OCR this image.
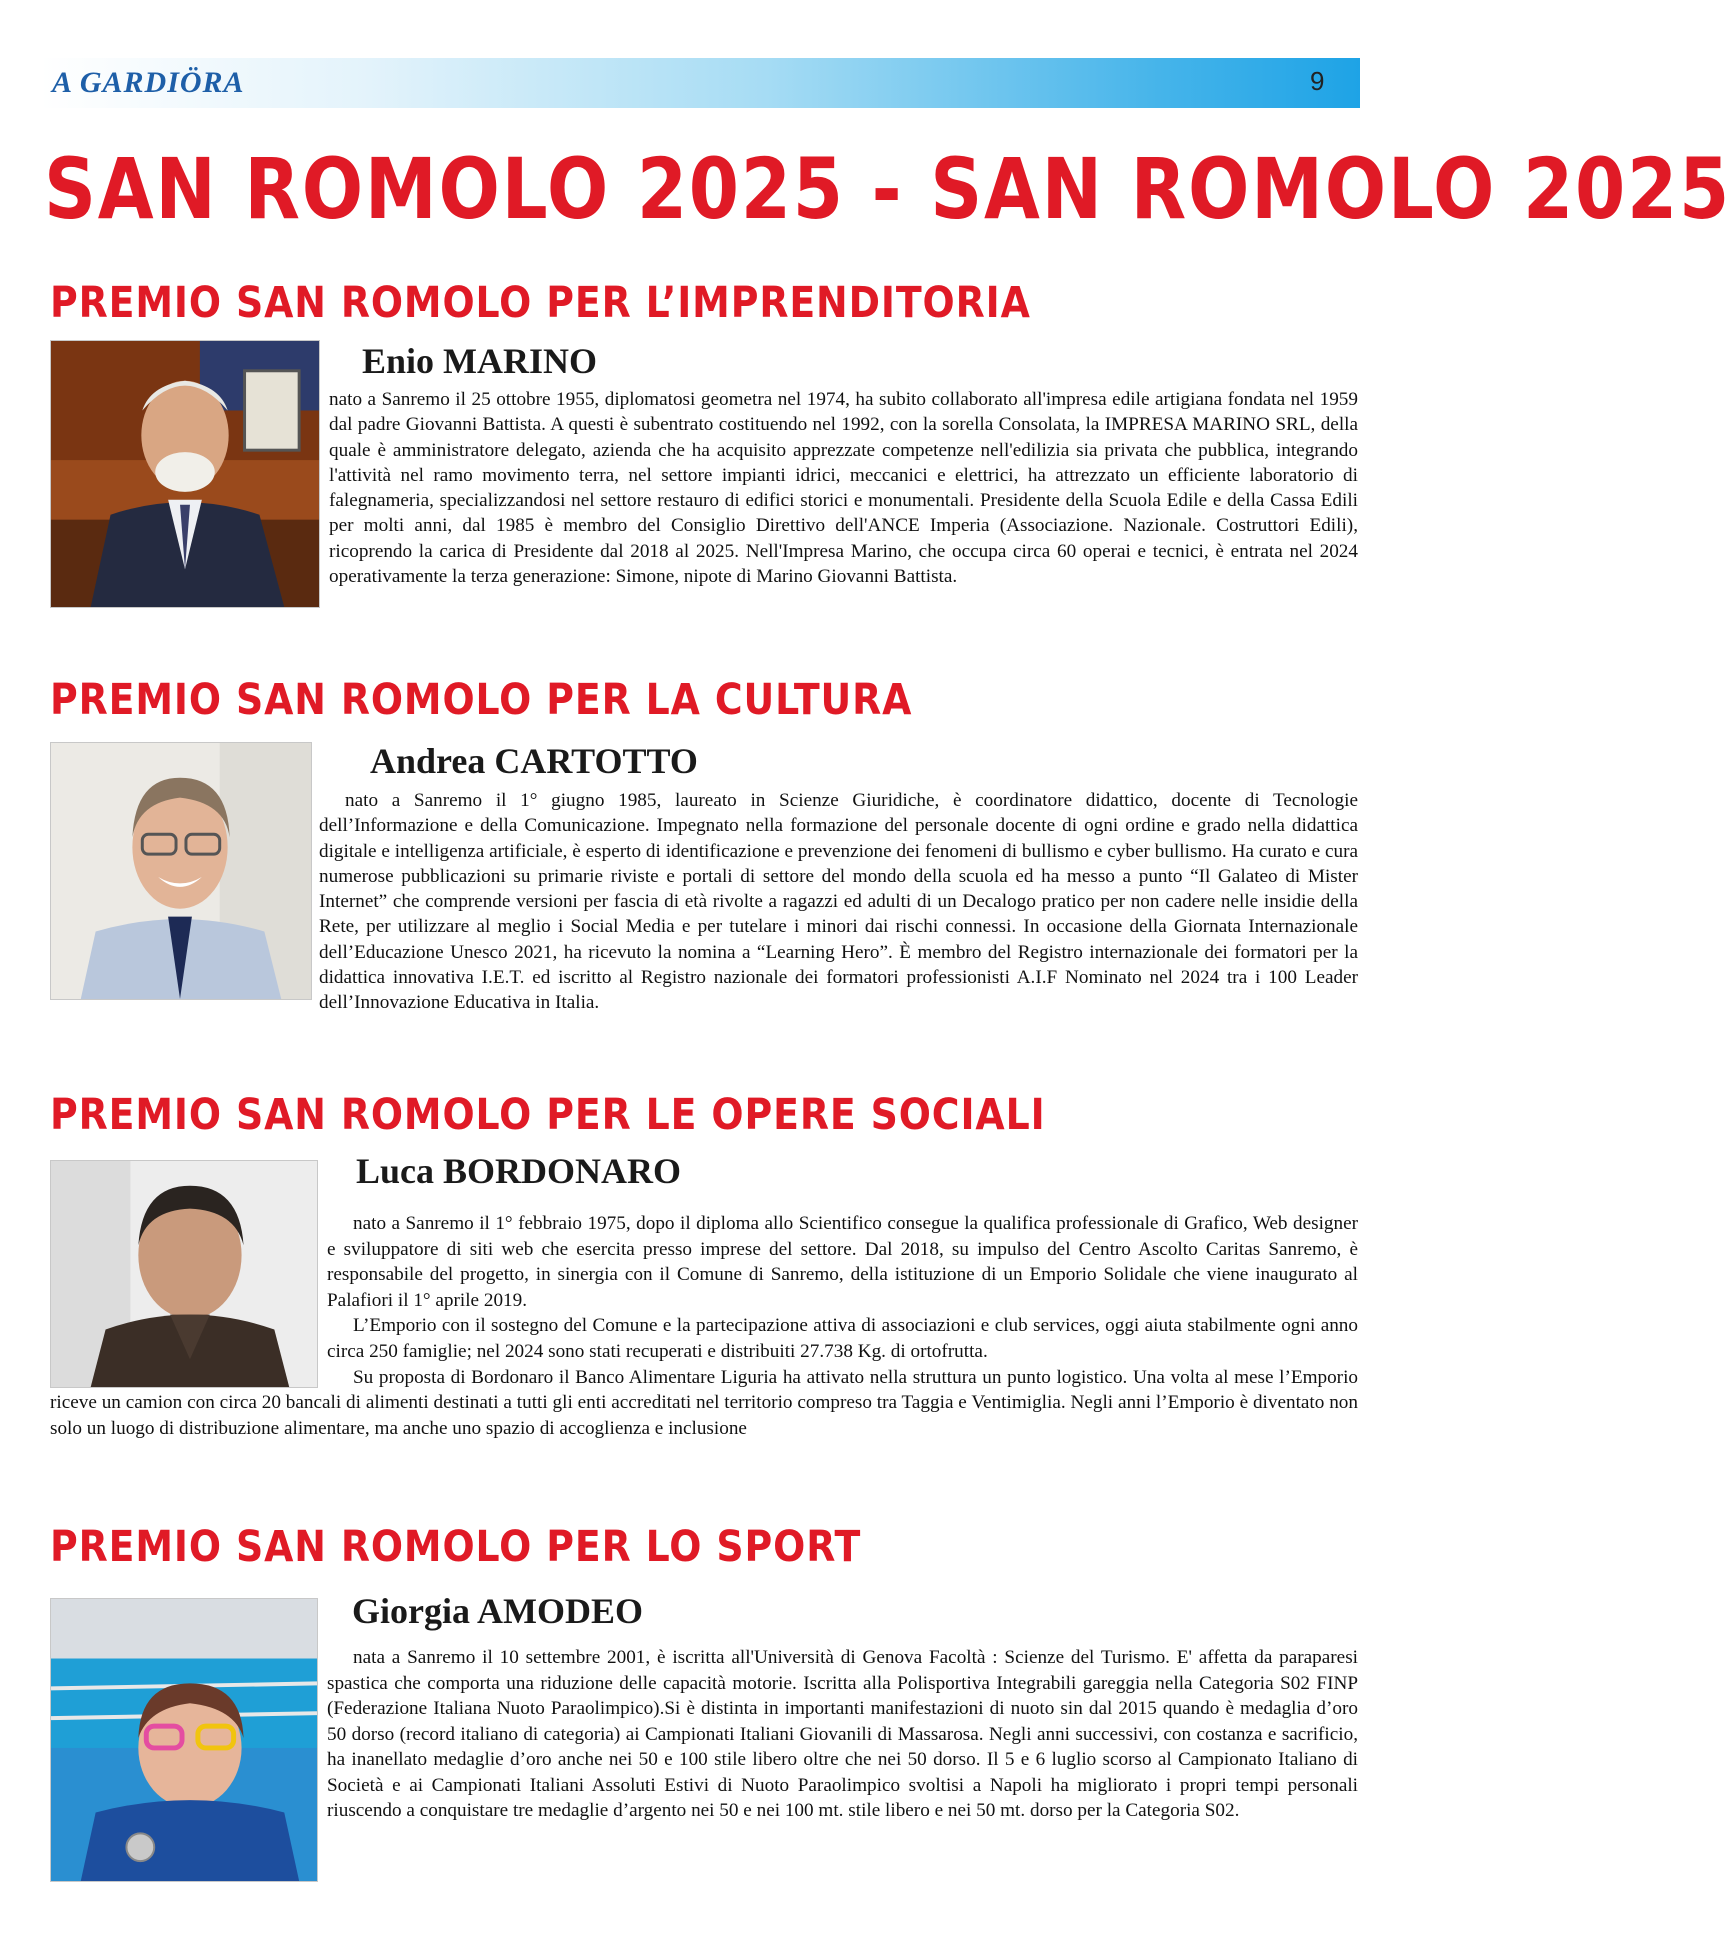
A GARDIÖRA	9
SAN ROMOLO 2025 - SAN ROMOLO 2025
PREMIO SAN ROMOLO PER L’IMPRENDITORIA
Enio MARINO

nato a Sanremo il 25 ottobre 1955, diplomatosi geometra nel 1974, ha subito collaborato all'impresa edile artigiana fondata nel 1959 dal padre Giovanni Battista. A questi è subentrato costituendo nel 1992, con la sorella Consolata, la IMPRESA MARINO SRL, della quale è amministratore delegato, azienda che ha acquisito apprezzate competenze nell'edilizia sia privata che pubblica, integrando l'attività nel ramo movimento terra, nel settore impianti idrici, meccanici e elettrici, ha attrezzato un efficiente laboratorio di falegnameria, specializzandosi nel settore restauro di edifici storici e monumentali. Presidente della Scuola Edile e della Cassa Edili per molti anni, dal 1985 è membro del Consiglio Direttivo dell'ANCE Imperia (Associazione. Nazionale. Costruttori Edili), ricoprendo la carica di Presidente dal 2018 al 2025. Nell'Impresa Marino, che occupa circa 60 operai e tecnici, è entrata nel 2024 operativamente la terza generazione: Simone, nipote di Marino Giovanni Battista.

PREMIO SAN ROMOLO PER LA CULTURA
Andrea CARTOTTO

nato a Sanremo il 1° giugno 1985, laureato in Scienze Giuridiche, è coordinatore didattico, docente di Tecnologie dell’Informazione e della Comunicazione. Impegnato nella formazione del personale docente di ogni ordine e grado nella didattica digitale e intelligenza artificiale, è esperto di identificazione e prevenzione dei fenomeni di bullismo e cyber bullismo. Ha curato e cura numerose pubblicazioni su primarie riviste e portali di settore del mondo della scuola ed ha messo a punto “Il Galateo di Mister Internet” che comprende versioni per fascia di età rivolte a ragazzi ed adulti di un Decalogo pratico per non cadere nelle insidie della Rete, per utilizzare al meglio i Social Media e per tutelare i minori dai rischi connessi. In occasione della Giornata Internazionale dell’Educazione Unesco 2021, ha ricevuto la nomina a “Learning Hero”. È membro del Registro internazionale dei formatori per la didattica innovativa I.E.T. ed iscritto al Registro nazionale dei formatori professionisti A.I.F Nominato nel 2024 tra i 100 Leader dell’Innovazione Educativa in Italia.

PREMIO SAN ROMOLO PER LE OPERE SOCIALI
Luca BORDONARO

nato a Sanremo il 1° febbraio 1975, dopo il diploma allo Scientifico consegue la qualifica professionale di Grafico, Web designer e sviluppatore di siti web che esercita presso imprese del settore. Dal 2018, su impulso del Centro Ascolto Caritas Sanremo, è responsabile del progetto, in sinergia con il Comune di Sanremo, della istituzione di un Emporio Solidale che viene inaugurato al Palafiori il 1° aprile 2019.

L’Emporio con il sostegno del Comune e la partecipazione attiva di associazioni e club services, oggi aiuta stabilmente ogni anno circa 250 famiglie; nel 2024 sono stati recuperati e distribuiti 27.738 Kg. di ortofrutta.

Su proposta di Bordonaro il Banco Alimentare Liguria ha attivato nella struttura un punto logistico. Una volta al mese l’Emporio riceve un camion con circa 20 bancali di alimenti destinati a tutti gli enti accreditati nel territorio compreso tra Taggia e Ventimiglia. Negli anni l’Emporio è diventato non solo un luogo di distribuzione alimentare, ma anche uno spazio di accoglienza e inclusione

PREMIO SAN ROMOLO PER LO SPORT
Giorgia AMODEO

nata a Sanremo il 10 settembre 2001, è iscritta all'Università di Genova Facoltà : Scienze del Turismo. E' affetta da paraparesi spastica che comporta una riduzione delle capacità motorie. Iscritta alla Polisportiva Integrabili gareggia nella Categoria S02 FINP (Federazione Italiana Nuoto Paraolimpico).Si è distinta in importanti manifestazioni di nuoto sin dal 2015 quando è medaglia d’oro 50 dorso (record italiano di categoria) ai Campionati Italiani Giovanili di Massarosa. Negli anni successivi, con costanza e sacrificio, ha inanellato medaglie d’oro anche nei 50 e 100 stile libero oltre che nei 50 dorso. Il 5 e 6 luglio scorso al Campionato Italiano di Società e ai Campionati Italiani Assoluti Estivi di Nuoto Paraolimpico svoltisi a Napoli ha migliorato i propri tempi personali riuscendo a conquistare tre medaglie d’argento nei 50 e nei 100 mt. stile libero e nei 50 mt. dorso per la Categoria S02.
